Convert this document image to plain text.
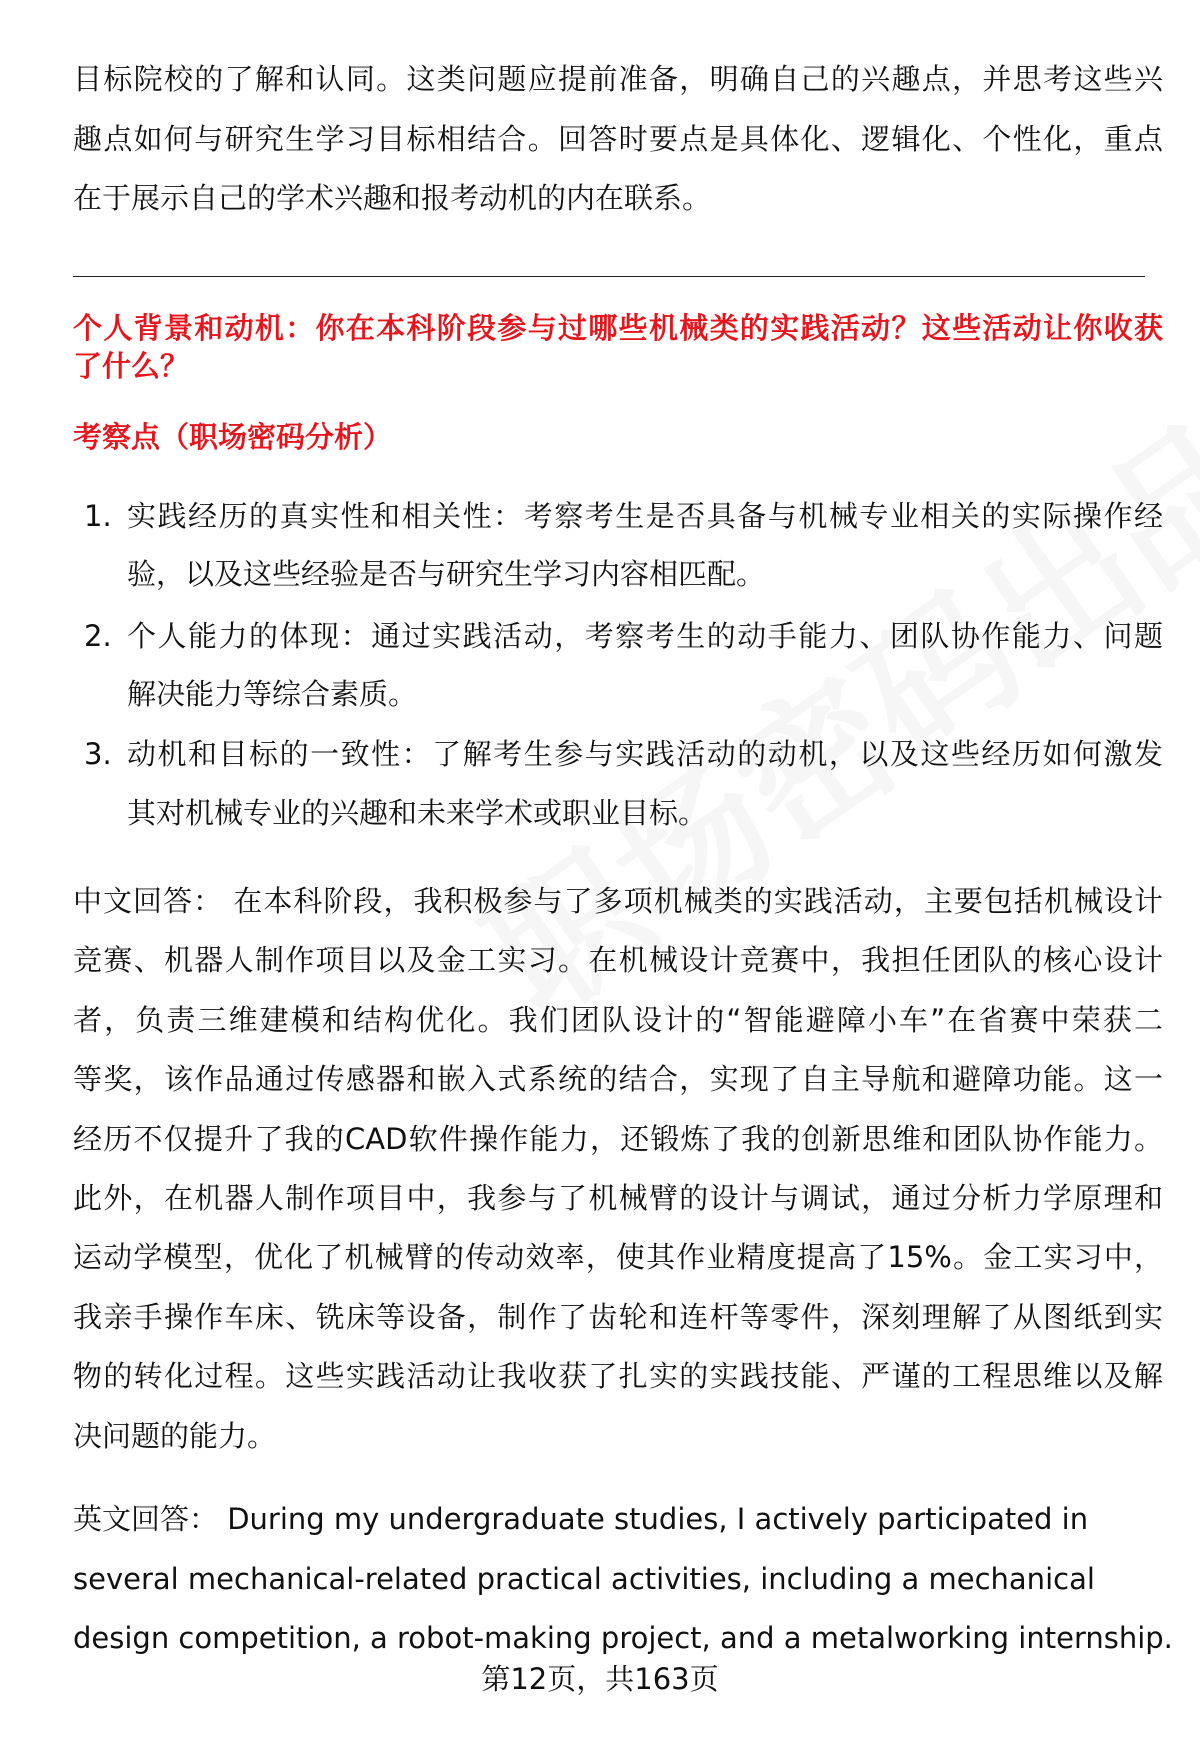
目标院校的了解和认同。这类问题应提前准备，明确自己的兴趣点，并思考这些兴
趣点如何与研究生学习目标相结合。回答时要点是具体化、逻辑化、个性化，重点
在于展示自己的学术兴趣和报考动机的内在联系。
个人背景和动机：你在本科阶段参与过哪些机械类的实践活动？这些活动让你收获
了什么？
考察点（职场密码分析）
1. 实践经历的真实性和相关性：考察考生是否具备与机械专业相关的实际操作经
验，以及这些经验是否与研究生学习内容相匹配。
2. 个人能力的体现：通过实践活动，考察考生的动手能力、团队协作能力、问题
解决能力等综合素质。
3. 动机和目标的一致性：了解考生参与实践活动的动机，以及这些经历如何激发
其对机械专业的兴趣和未来学术或职业目标。
中文回答： 在本科阶段，我积极参与了多项机械类的实践活动，主要包括机械设计
竞赛、机器人制作项目以及金工实习。在机械设计竞赛中，我担任团队的核心设计
者，负责三维建模和结构优化。我们团队设计的“智能避障小车”在省赛中荣获二
等奖，该作品通过传感器和嵌入式系统的结合，实现了自主导航和避障功能。这一
经历不仅提升了我的CAD软件操作能力，还锻炼了我的创新思维和团队协作能力。
此外，在机器人制作项目中，我参与了机械臂的设计与调试，通过分析力学原理和
运动学模型，优化了机械臂的传动效率，使其作业精度提高了15%。金工实习中，
我亲手操作车床、铣床等设备，制作了齿轮和连杆等零件，深刻理解了从图纸到实
物的转化过程。这些实践活动让我收获了扎实的实践技能、严谨的工程思维以及解
决问题的能力。
英文回答： During my undergraduate studies, I actively participated in
several mechanical-related practical activities, including a mechanical
design competition, a robot-making project, and a metalworking internship.
第12页，共163页
